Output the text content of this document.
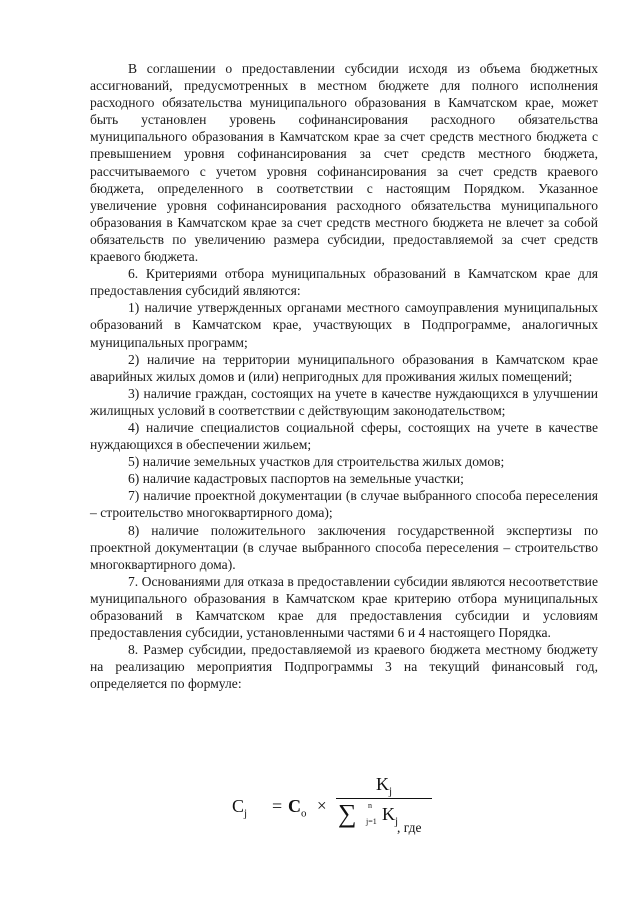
В соглашении о предоставлении субсидии исходя из объема бюджетных ассигнований, предусмотренных в местном бюджете для полного исполнения расходного обязательства муниципального образования в Камчатском крае, может быть установлен уровень софинансирования расходного обязательства муниципального образования в Камчатском крае за счет средств местного бюджета с превышением уровня софинансирования за счет средств местного бюджета, рассчитываемого с учетом уровня софинансирования за счет средств краевого бюджета, определенного в соответствии с настоящим Порядком. Указанное увеличение уровня софинансирования расходного обязательства муниципального образования в Камчатском крае за счет средств местного бюджета не влечет за собой обязательств по увеличению размера субсидии, предоставляемой за счет средств краевого бюджета.

6. Критериями отбора муниципальных образований в Камчатском крае для предоставления субсидий являются:

1) наличие утвержденных органами местного самоуправления муниципальных образований в Камчатском крае, участвующих в Подпрограмме, аналогичных муниципальных программ;

2) наличие на территории муниципального образования в Камчатском крае аварийных жилых домов и (или) непригодных для проживания жилых помещений;

3) наличие граждан, состоящих на учете в качестве нуждающихся в улучшении жилищных условий в соответствии с действующим законодательством;

4) наличие специалистов социальной сферы, состоящих на учете в качестве нуждающихся в обеспечении жильем;

5) наличие земельных участков для строительства жилых домов;

6) наличие кадастровых паспортов на земельные участки;

7) наличие проектной документации (в случае выбранного способа переселения – строительство многоквартирного дома);

8) наличие положительного заключения государственной экспертизы по проектной документации (в случае выбранного способа переселения – строительство многоквартирного дома).

7. Основаниями для отказа в предоставлении субсидии являются несоответствие муниципального образования в Камчатском крае критерию отбора муниципальных образований в Камчатском крае для предоставления субсидии и условиям предоставления субсидии, установленными частями 6 и 4 настоящего Порядка.

8. Размер субсидии, предоставляемой из краевого бюджета местному бюджету на реализацию мероприятия Подпрограммы 3 на текущий финансовый год, определяется по формуле:

$C_j = C_o$ ×
$K_j$
∑ n
j=1 $K_j$
, где
